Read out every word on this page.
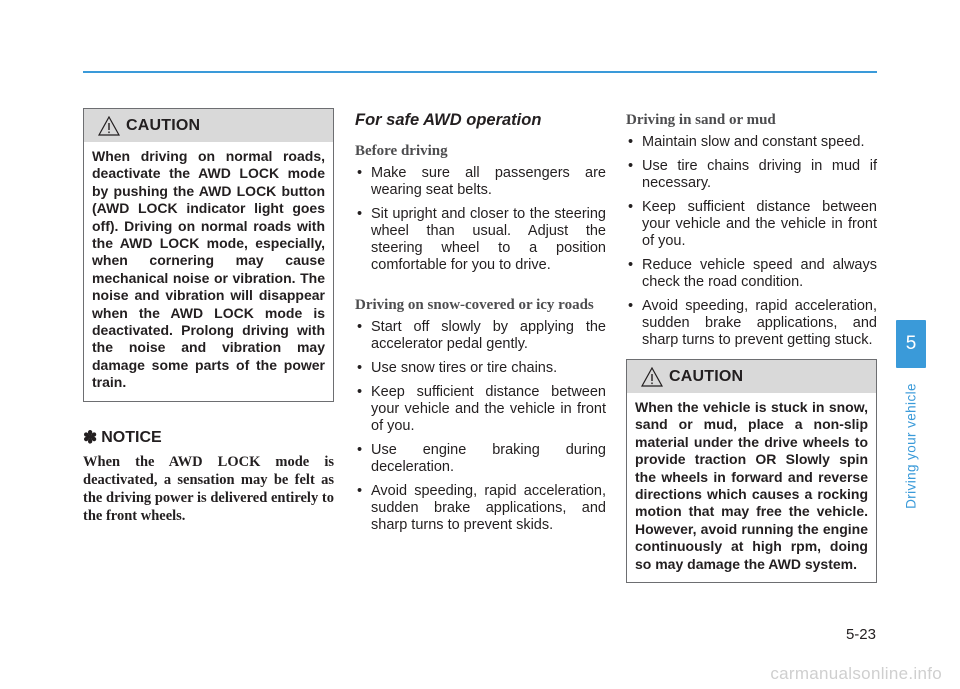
CAUTION
When driving on normal roads, deactivate the AWD LOCK mode by pushing the AWD LOCK button (AWD LOCK indicator light goes off). Driving on normal roads with the AWD LOCK mode, especially, when cornering may cause mechanical noise or vibration. The noise and vibration will disappear when the AWD LOCK mode is deactivated. Prolong driving with the noise and vibration may damage some parts of the power train.
✽ NOTICE

When the AWD LOCK mode is deactivated, a sensation may be felt as the driving power is delivered entirely to the front wheels.

For safe AWD operation
Before driving
• Make sure all passengers are wearing seat belts.
• Sit upright and closer to the steering wheel than usual. Adjust the steering wheel to a position comfortable for you to drive.
Driving on snow-covered or icy roads
• Start off slowly by applying the accelerator pedal gently.
• Use snow tires or tire chains.
• Keep sufficient distance between your vehicle and the vehicle in front of you.
• Use engine braking during deceleration.
• Avoid speeding, rapid acceleration, sudden brake applications, and sharp turns to prevent skids.
Driving in sand or mud
• Maintain slow and constant speed.
• Use tire chains driving in mud if necessary.
• Keep sufficient distance between your vehicle and the vehicle in front of you.
• Reduce vehicle speed and always check the road condition.
• Avoid speeding, rapid acceleration, sudden brake applications, and sharp turns to prevent getting stuck.
CAUTION
When the vehicle is stuck in snow, sand or mud, place a non-slip material under the drive wheels to provide traction OR Slowly spin the wheels in forward and reverse directions which causes a rocking motion that may free the vehicle. However, avoid running the engine continuously at high rpm, doing so may damage the AWD system.
5
Driving your vehicle
5-23
carmanualsonline.info
